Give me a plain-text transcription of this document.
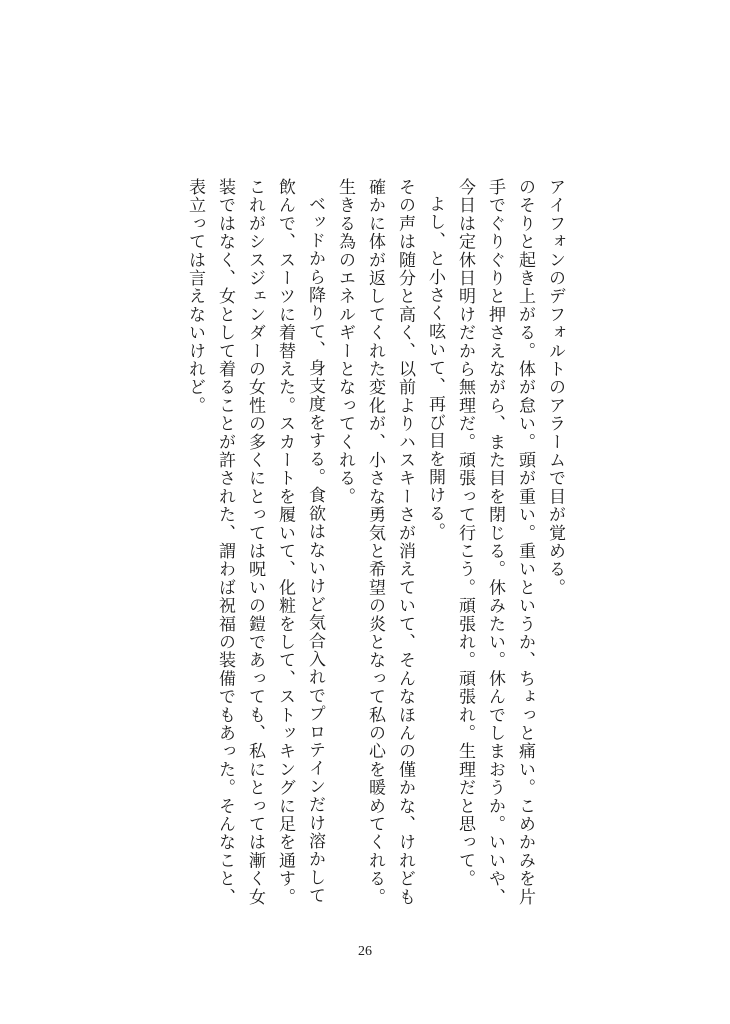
アイフォンのデフォルトのアラームで目が覚める。

のそりと起き上がる。体が怠い。頭が重い。重いというか、ちょっと痛い。こめかみを片手でぐりぐりと押さえながら、また目を閉じる。休みたい。休んでしまおうか。いいや、今日は定休日明けだから無理だ。頑張って行こう。頑張れ。頑張れ。生理だと思って。

よし、と小さく呟いて、再び目を開ける。

その声は随分と高く、以前よりハスキーさが消えていて、そんなほんの僅かな、けれども確かに体が返してくれた変化が、小さな勇気と希望の炎となって私の心を暖めてくれる。生きる為のエネルギーとなってくれる。

ベッドから降りて、身支度をする。食欲はないけど気合入れでプロテインだけ溶かして飲んで、スーツに着替えた。スカートを履いて、化粧をして、ストッキングに足を通す。これがシスジェンダーの女性の多くにとっては呪いの鎧であっても、私にとっては漸く女装ではなく、女として着ることが許された、謂わば祝福の装備でもあった。そんなこと、表立っては言えないけれど。

26
